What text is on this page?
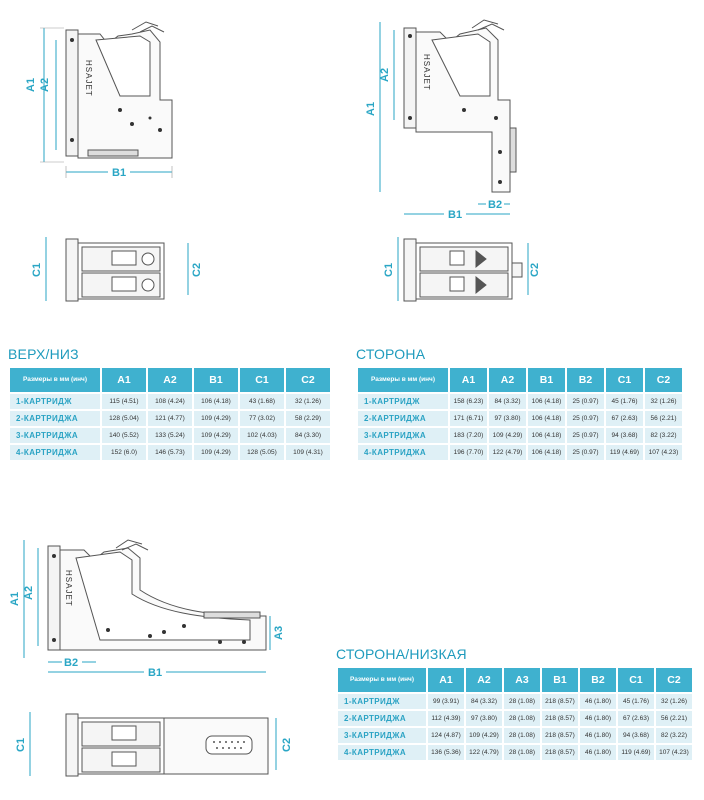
HSAJET
A1 A2
B1
C1	C2
HSAJET
A1
A2
B2
B1
C1	C2
HSAJET
A1 A2
A3
B2
B1
C1	C2
ВЕРХ/НИЗ
Размеры в мм (инч)	A1	A2	B1	C1	C2
1-КАРТРИДЖ	115 (4.51)	108 (4.24)	106 (4.18)	43 (1.68)	32 (1.26)
2-КАРТРИДЖА	128 (5.04)	121 (4.77)	109 (4.29)	77 (3.02)	58 (2.29)
3-КАРТРИДЖА	140 (5.52)	133 (5.24)	109 (4.29)	102 (4.03)	84 (3.30)
4-КАРТРИДЖА	152 (6.0)	146 (5.73)	109 (4.29)	128 (5.05)	109 (4.31)
СТОРОНА
Размеры в мм (инч)	A1	A2	B1	B2	C1	C2
1-КАРТРИДЖ	158 (6.23)	84 (3.32)	106 (4.18)	25 (0.97)	45 (1.76)	32 (1.26)
2-КАРТРИДЖА	171 (6.71)	97 (3.80)	106 (4.18)	25 (0.97)	67 (2.63)	56 (2.21)
3-КАРТРИДЖА	183 (7.20)	109 (4.29)	106 (4.18)	25 (0.97)	94 (3.68)	82 (3.22)
4-КАРТРИДЖА	196 (7.70)	122 (4.79)	106 (4.18)	25 (0.97)	119 (4.69)	107 (4.23)
СТОРОНА/НИЗКАЯ
Размеры в мм (инч)	A1	A2	A3	B1	B2	C1	C2
1-КАРТРИДЖ	99 (3.91)	84 (3.32)	28 (1.08)	218 (8.57)	46 (1.80)	45 (1.76)	32 (1.26)
2-КАРТРИДЖА	112 (4.39)	97 (3.80)	28 (1.08)	218 (8.57)	46 (1.80)	67 (2.63)	56 (2.21)
3-КАРТРИДЖА	124 (4.87)	109 (4.29)	28 (1.08)	218 (8.57)	46 (1.80)	94 (3.68)	82 (3.22)
4-КАРТРИДЖА	136 (5.36)	122 (4.79)	28 (1.08)	218 (8.57)	46 (1.80)	119 (4.69)	107 (4.23)
